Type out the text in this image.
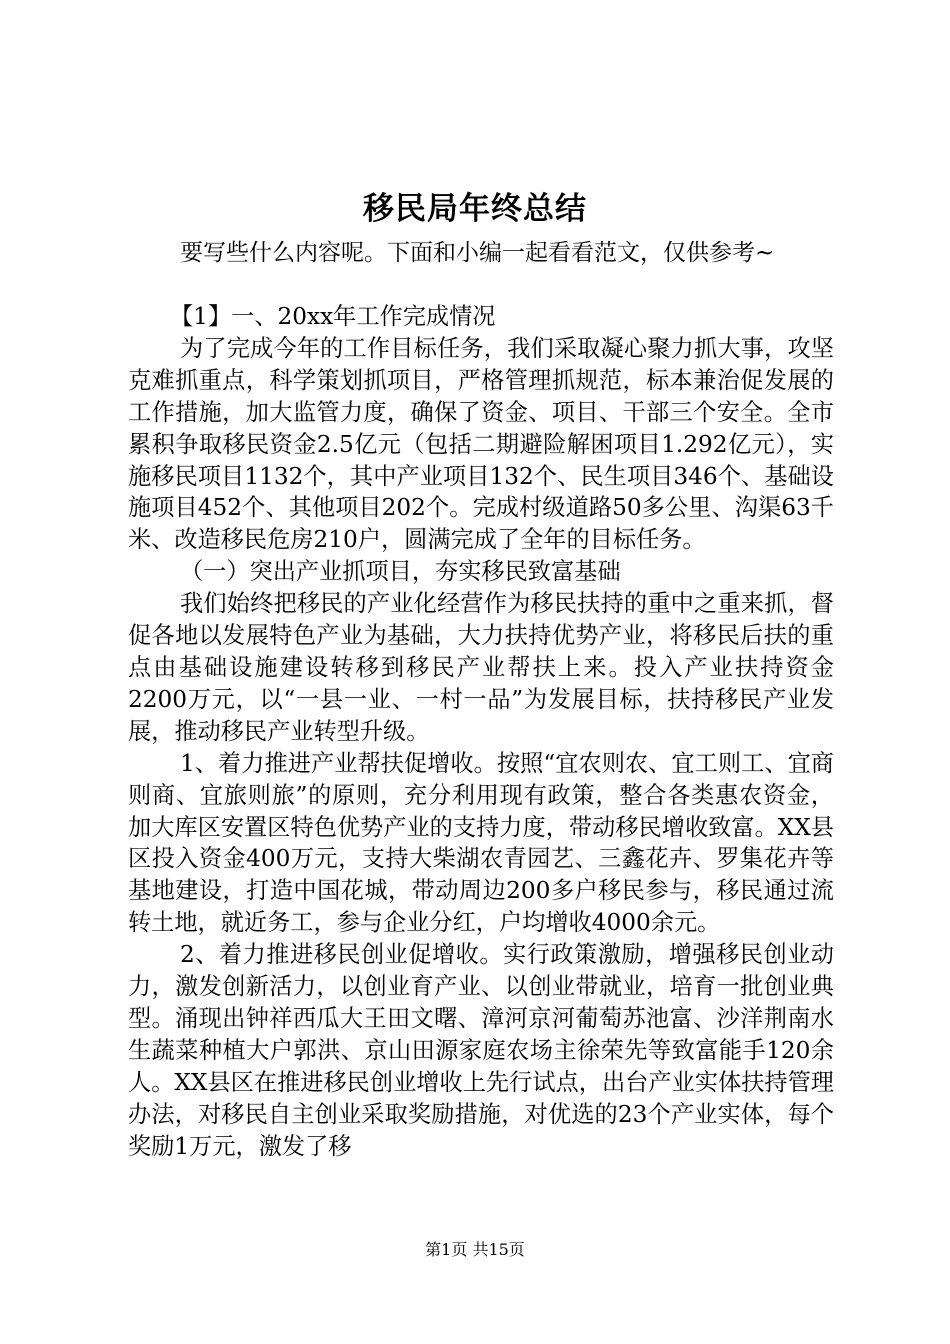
移民局年终总结
要写些什么内容呢。下面和小编一起看看范文，仅供参考~

【1】一、20xx年工作完成情况

为了完成今年的工作目标任务，我们采取凝心聚力抓大事，攻坚克难抓重点，科学策划抓项目，严格管理抓规范，标本兼治促发展的工作措施，加大监管力度，确保了资金、项目、干部三个安全。全市累积争取移民资金2.5亿元（包括二期避险解困项目1.292亿元），实施移民项目1132个，其中产业项目132个、民生项目346个、基础设施项目452个、其他项目202个。完成村级道路50多公里、沟渠63千米、改造移民危房210户，圆满完成了全年的目标任务。

（一）突出产业抓项目，夯实移民致富基础

我们始终把移民的产业化经营作为移民扶持的重中之重来抓，督促各地以发展特色产业为基础，大力扶持优势产业，将移民后扶的重点由基础设施建设转移到移民产业帮扶上来。投入产业扶持资金2200万元，以“一县一业、一村一品”为发展目标，扶持移民产业发展，推动移民产业转型升级。

1、着力推进产业帮扶促增收。按照“宜农则农、宜工则工、宜商则商、宜旅则旅”的原则，充分利用现有政策，整合各类惠农资金，加大库区安置区特色优势产业的支持力度，带动移民增收致富。XX县区投入资金400万元，支持大柴湖农青园艺、三鑫花卉、罗集花卉等基地建设，打造中国花城，带动周边200多户移民参与，移民通过流转土地，就近务工，参与企业分红，户均增收4000余元。

2、着力推进移民创业促增收。实行政策激励，增强移民创业动力，激发创新活力，以创业育产业、以创业带就业，培育一批创业典型。涌现出钟祥西瓜大王田文曙、漳河京河葡萄苏池富、沙洋荆南水生蔬菜种植大户郭洪、京山田源家庭农场主徐荣先等致富能手120余人。XX县区在推进移民创业增收上先行试点，出台产业实体扶持管理办法，对移民自主创业采取奖励措施，对优选的23个产业实体，每个奖励1万元，激发了移

第1页 共15页
